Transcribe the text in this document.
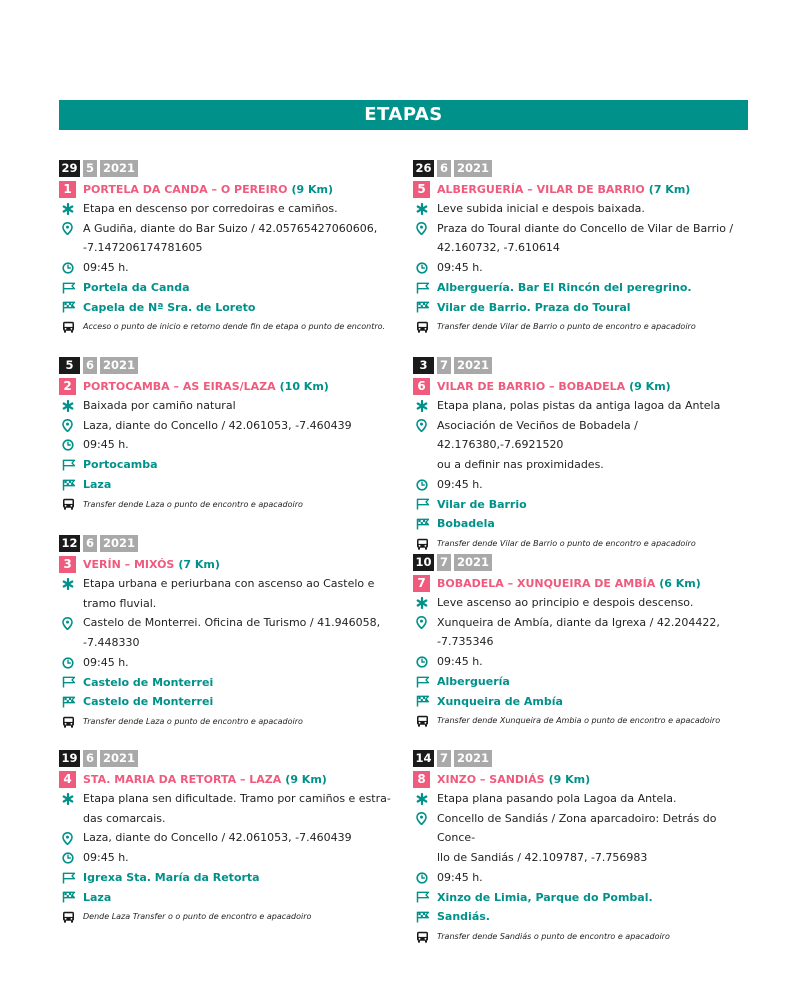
ETAPAS
29 5 2021
1	PORTELA DA CANDA – O PEREIRO (9 Km)
Etapa en descenso por corredoiras e camiños.
A Gudiña, diante do Bar Suizo / 42.05765427060606,
-7.147206174781605
09:45 h.
Portela da Canda
Capela de Nª Sra. de Loreto
Acceso o punto de inicio e retorno dende fin de etapa o punto de encontro.
5	6 2021
2	PORTOCAMBA – AS EIRAS/LAZA (10 Km)
Baixada por camiño natural
Laza, diante do Concello / 42.061053, -7.460439
09:45 h.
Portocamba
Laza
Transfer dende Laza o punto de encontro e apacadoiro
12 6 2021
3	VERÍN – MIXÓS (7 Km)
Etapa urbana e periurbana con ascenso ao Castelo e
tramo fluvial.
Castelo de Monterrei. Oficina de Turismo / 41.946058,
-7.448330
09:45 h.
Castelo de Monterrei
Castelo de Monterrei
Transfer dende Laza o punto de encontro e apacadoiro
19 6 2021
4	STA. MARIA DA RETORTA – LAZA (9 Km)
Etapa plana sen dificultade. Tramo por camiños e estra-
das comarcais.
Laza, diante do Concello / 42.061053, -7.460439
09:45 h.
Igrexa Sta. María da Retorta
Laza
Dende Laza Transfer o o punto de encontro e apacadoiro
26 6 2021
5	ALBERGUERÍA – VILAR DE BARRIO (7 Km)
Leve subida inicial e despois baixada.
Praza do Toural diante do Concello de Vilar de Barrio /
42.160732, -7.610614
09:45 h.
Alberguería. Bar El Rincón del peregrino.
Vilar de Barrio. Praza do Toural
Transfer dende Vilar de Barrio o punto de encontro e apacadoiro
3	7 2021
6	VILAR DE BARRIO – BOBADELA (9 Km)
Etapa plana, polas pistas da antiga lagoa da Antela
Asociación de Veciños de Bobadela / 42.176380,-7.6921520
ou a definir nas proximidades.
09:45 h.
Vilar de Barrio
Bobadela
Transfer dende Vilar de Barrio o punto de encontro e apacadoiro
10 7 2021
7	BOBADELA – XUNQUEIRA DE AMBÍA (6 Km)
Leve ascenso ao principio e despois descenso.
Xunqueira de Ambía, diante da Igrexa / 42.204422,
-7.735346
09:45 h.
Alberguería
Xunqueira de Ambía
Transfer dende Xunqueira de Ambia o punto de encontro e apacadoiro
14 7 2021
8	XINZO – SANDIÁS (9 Km)
Etapa plana pasando pola Lagoa da Antela.
Concello de Sandiás / Zona aparcadoiro: Detrás do Conce-
llo de Sandiás / 42.109787, -7.756983
09:45 h.
Xinzo de Limia, Parque do Pombal.
Sandiás.
Transfer dende Sandiás o punto de encontro e apacadoiro
